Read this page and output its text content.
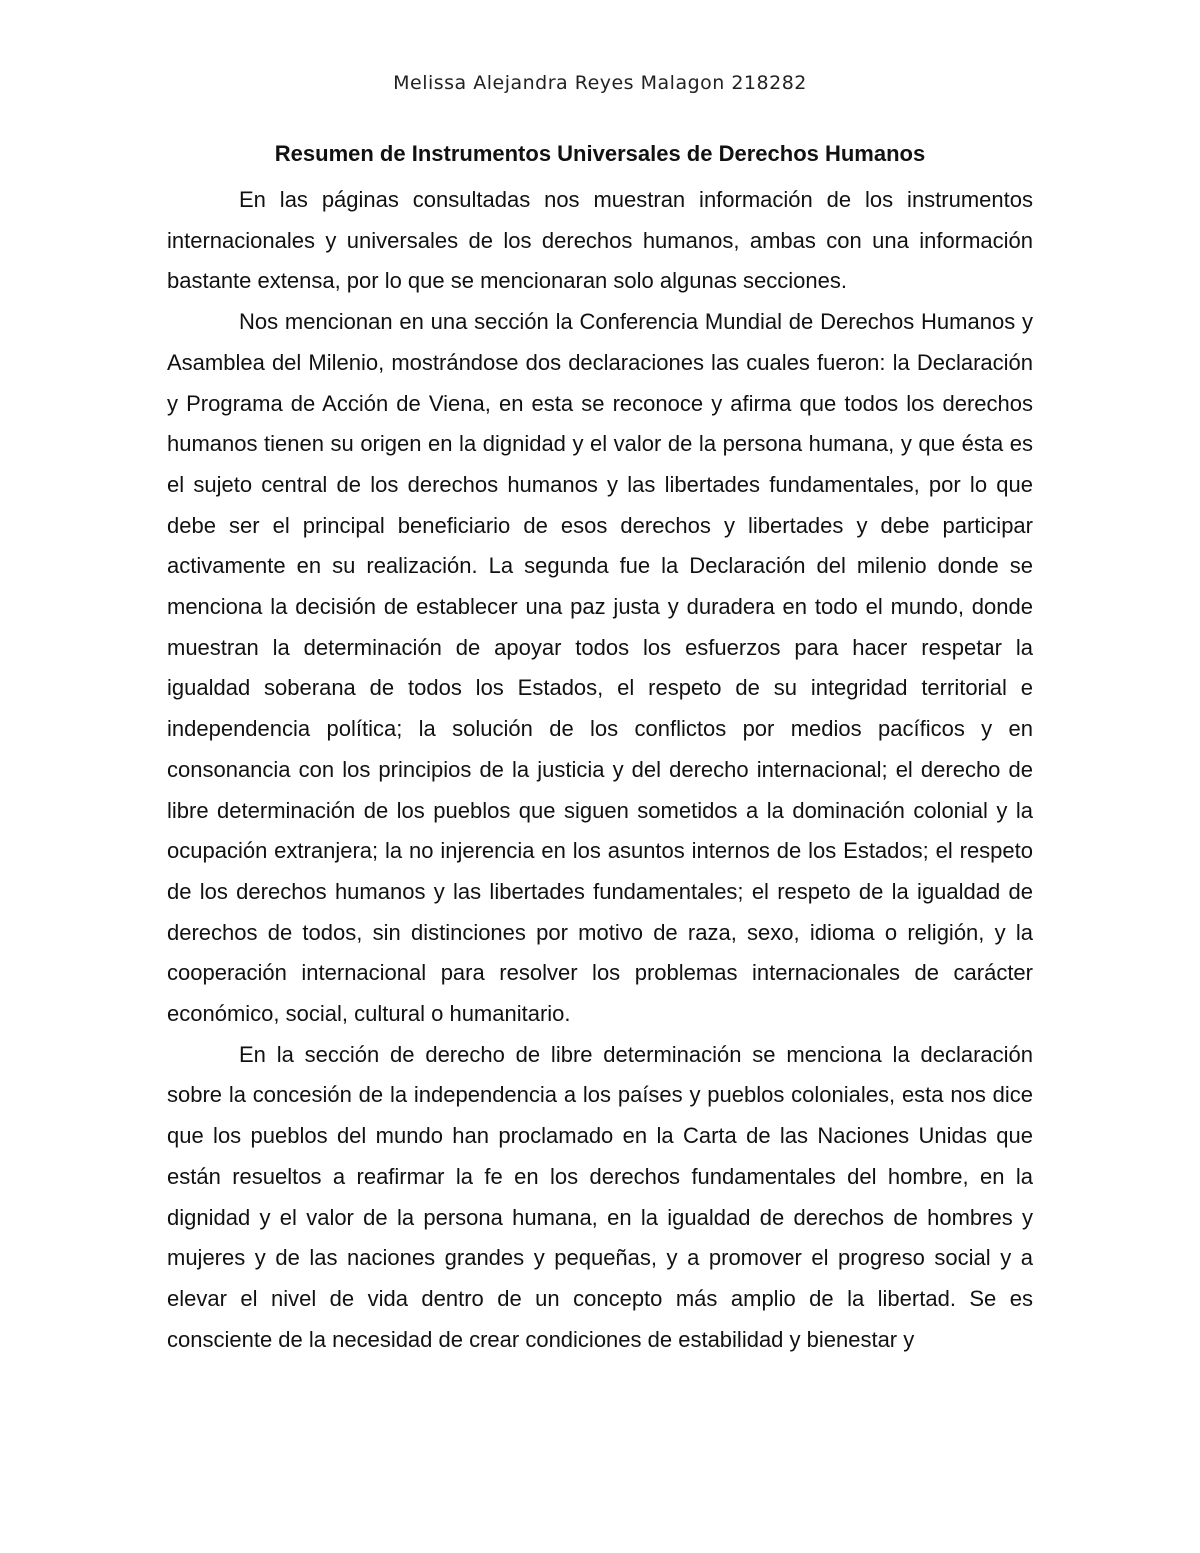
Melissa Alejandra Reyes Malagon 218282
Resumen de Instrumentos Universales de Derechos Humanos

En las páginas consultadas nos muestran información de los instrumentos internacionales y universales de los derechos humanos, ambas con una información bastante extensa, por lo que se mencionaran solo algunas secciones.

Nos mencionan en una sección la Conferencia Mundial de Derechos Humanos y Asamblea del Milenio, mostrándose dos declaraciones las cuales fueron: la Declaración y Programa de Acción de Viena, en esta se reconoce y afirma que todos los derechos humanos tienen su origen en la dignidad y el valor de la persona humana, y que ésta es el sujeto central de los derechos humanos y las libertades fundamentales, por lo que debe ser el principal beneficiario de esos derechos y libertades y debe participar activamente en su realización. La segunda fue la Declaración del milenio donde se menciona la decisión de establecer una paz justa y duradera en todo el mundo, donde muestran la determinación de apoyar todos los esfuerzos para hacer respetar la igualdad soberana de todos los Estados, el respeto de su integridad territorial e independencia política; la solución de los conflictos por medios pacíficos y en consonancia con los principios de la justicia y del derecho internacional; el derecho de libre determinación de los pueblos que siguen sometidos a la dominación colonial y la ocupación extranjera; la no injerencia en los asuntos internos de los Estados; el respeto de los derechos humanos y las libertades fundamentales; el respeto de la igualdad de derechos de todos, sin distinciones por motivo de raza, sexo, idioma o religión, y la cooperación internacional para resolver los problemas internacionales de carácter económico, social, cultural o humanitario.

En la sección de derecho de libre determinación se menciona la declaración sobre la concesión de la independencia a los países y pueblos coloniales, esta nos dice que los pueblos del mundo han proclamado en la Carta de las Naciones Unidas que están resueltos a reafirmar la fe en los derechos fundamentales del hombre, en la dignidad y el valor de la persona humana, en la igualdad de derechos de hombres y mujeres y de las naciones grandes y pequeñas, y a promover el progreso social y a elevar el nivel de vida dentro de un concepto más amplio de la libertad. Se es consciente de la necesidad de crear condiciones de estabilidad y bienestar y
